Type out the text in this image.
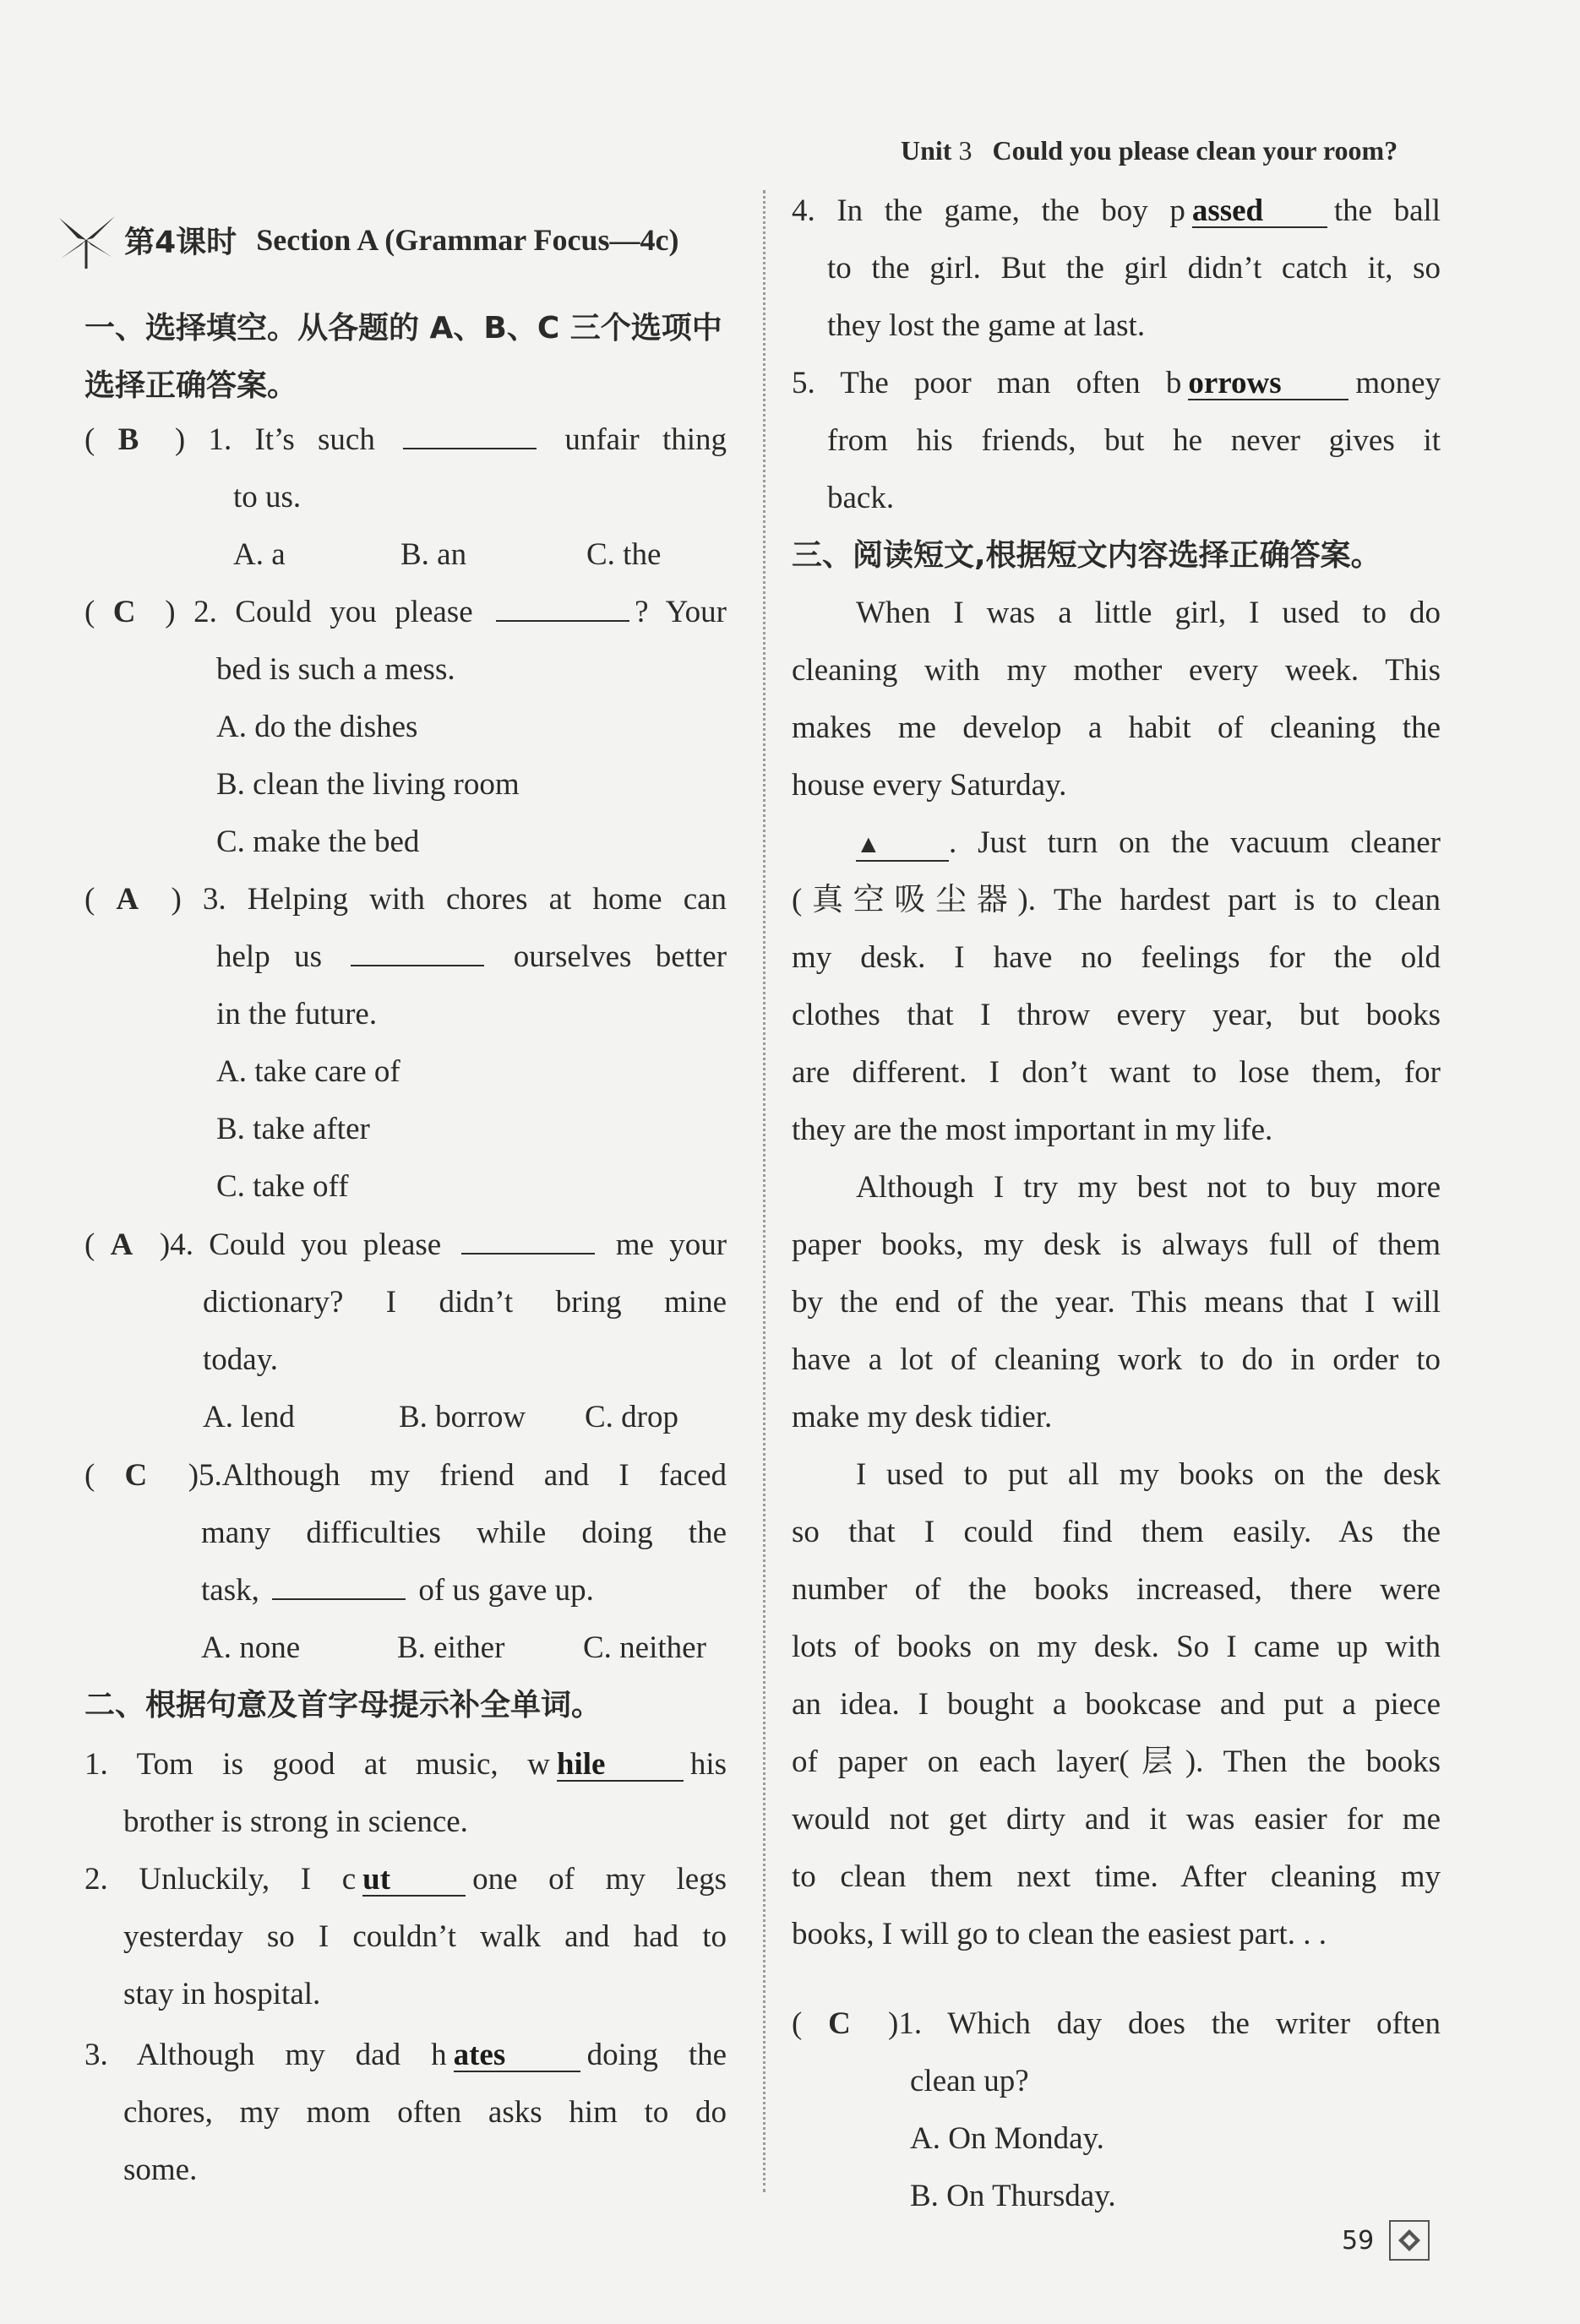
Unit 3 Could you please clean your room?
第4课时 Section A (Grammar Focus—4c)
一、选择填空。从各题的 A、B、C 三个选项中
选择正确答案。
( B ) 1. It’s such	unfair thing
to us.
A. a	B. an	C. the
( C ) 2. Could you please	? Your
bed is such a mess.
A. do the dishes
B. clean the living room
C. make the bed
( A ) 3. Helping with chores at home can
help us	ourselves better
in the future.
A. take care of
B. take after
C. take off
( A )4. Could you please	me your
dictionary? I didn’t bring mine
today.
A. lend	B. borrow C. drop
( C )5.Although my friend and I faced
many difficulties while doing the
task,	of us gave up.
A. none	B. either	C. neither
二、根据句意及首字母提示补全单词。
1. Tom is good at music, w hile	his
brother is strong in science.
2. Unluckily, I c ut	one of my legs
yesterday so I couldn’t walk and had to
stay in hospital.
3. Although my dad h ates	doing the
chores, my mom often asks him to do
some.
4. In the game, the boy p assed the ball
to the girl. But the girl didn’t catch it, so
they lost the game at last.
5. The poor man often b orrows money
from his friends, but he never gives it
back.
三、阅读短文,根据短文内容选择正确答案。
When I was a little girl, I used to do
cleaning with my mother every week. This
makes me develop a habit of cleaning the
house every Saturday.
▲ . Just turn on the vacuum cleaner
(真空吸尘器). The hardest part is to clean
my desk. I have no feelings for the old
clothes that I throw every year, but books
are different. I don’t want to lose them, for
they are the most important in my life.
Although I try my best not to buy more
paper books, my desk is always full of them
by the end of the year. This means that I will
have a lot of cleaning work to do in order to
make my desk tidier.
I used to put all my books on the desk
so that I could find them easily. As the
number of the books increased, there were
lots of books on my desk. So I came up with
an idea. I bought a bookcase and put a piece
of paper on each layer(层). Then the books
would not get dirty and it was easier for me
to clean them next time. After cleaning my
books, I will go to clean the easiest part. . .
( C )1. Which day does the writer often
clean up?
A. On Monday.
B. On Thursday.
59
